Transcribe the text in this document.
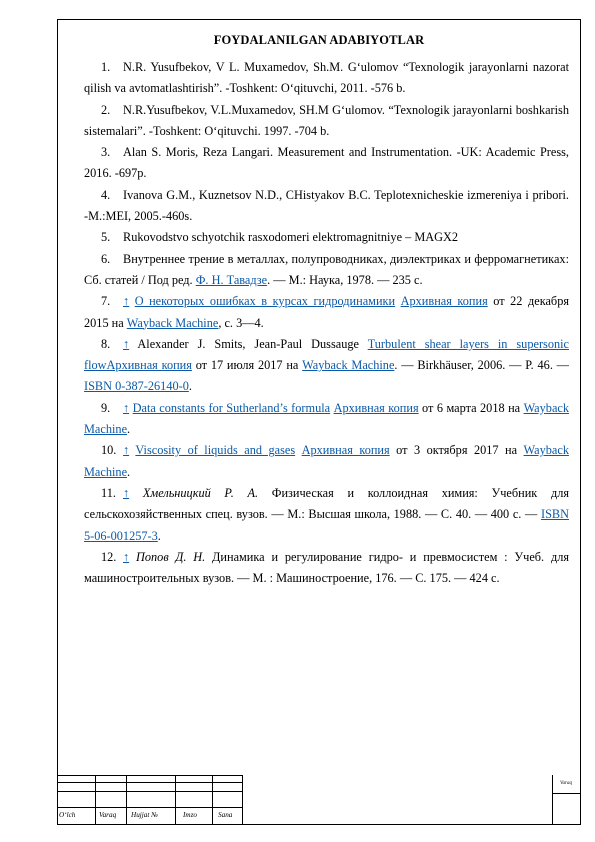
FOYDALANILGAN ADABIYOTLAR

1. N.R. Yusufbekov, V L. Muxamedov, Sh.M. G‘ulomov “Texnologik jarayonlarni nazorat qilish va avtomatlashtirish”. -Toshkent: O‘qituvchi, 2011. -576 b.

2. N.R.Yusufbekov, V.L.Muxamedov, SH.M G‘ulomov. “Texnologik jarayonlarni boshkarish sistemalari”. -Toshkent: O‘qituvchi. 1997. -704 b.

3. Alan S. Moris, Reza Langari. Measurement and Instrumentation. -UK: Academic Press, 2016. -697p.

4. Ivanova G.M., Kuznetsov N.D., CHistyakov B.C. Teplotexnicheskie izmereniya i pribori. -M.:MEI, 2005.-460s.

5. Rukovodstvo schyotchik rasxodomeri elektromagnitniye – MAGX2

6. Внутреннее трение в металлах, полупроводниках, диэлектриках и ферромагнетиках: Сб. статей / Под ред. Ф. Н. Тавадзе. — М.: Наука, 1978. — 235 с.

7. ↑ О некоторых ошибках в курсах гидродинамики Архивная копия от 22 декабря 2015 на Wayback Machine, с. 3—4.

8. ↑ Alexander J. Smits, Jean-Paul Dussauge Turbulent shear layers in supersonic flowАрхивная копия от 17 июля 2017 на Wayback Machine. — Birkhäuser, 2006. — P. 46. — ISBN 0-387-26140-0.

9. ↑ Data constants for Sutherland’s formula Архивная копия от 6 марта 2018 на Wayback Machine.

10. ↑ Viscosity of liquids and gases Архивная копия от 3 октября 2017 на Wayback Machine.

11. ↑ Хмельницкий Р. А. Физическая и коллоидная химия: Учебник для сельскохозяйственных спец. вузов. — М.: Высшая школа, 1988. — С. 40. — 400 с. — ISBN 5-06-001257-3.

12. ↑ Попов Д. Н. Динамика и регулирование гидро- и превмосистем : Учеб. для машиностроительных вузов. — М. : Машиностроение, 176. — С. 175. — 424 с.

O‘lch	Varaq Hujjat №	Imzo	Sana
Varaq
